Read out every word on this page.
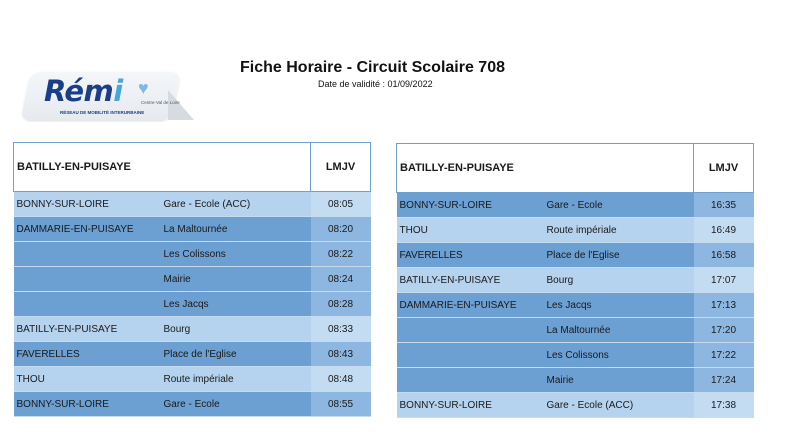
Rémi ♥
Centre-Val de Loire
RÉSEAU DE MOBILITÉ INTERURBAINE
Fiche Horaire - Circuit Scolaire 708
Date de validité : 01/09/2022
BATILLY-EN-PUISAYE		LMJV
BONNY-SUR-LOIRE	Gare - Ecole (ACC)	08:05
DAMMARIE-EN-PUISAYE	La Maltournée	08:20
	Les Colissons	08:22
	Mairie	08:24
	Les Jacqs	08:28
BATILLY-EN-PUISAYE	Bourg	08:33
FAVERELLES	Place de l'Eglise	08:43
THOU	Route impériale	08:48
BONNY-SUR-LOIRE	Gare - Ecole	08:55
BATILLY-EN-PUISAYE		LMJV
BONNY-SUR-LOIRE	Gare - Ecole	16:35
THOU	Route impériale	16:49
FAVERELLES	Place de l'Eglise	16:58
BATILLY-EN-PUISAYE	Bourg	17:07
DAMMARIE-EN-PUISAYE	Les Jacqs	17:13
	La Maltournée	17:20
	Les Colissons	17:22
	Mairie	17:24
BONNY-SUR-LOIRE	Gare - Ecole (ACC)	17:38
